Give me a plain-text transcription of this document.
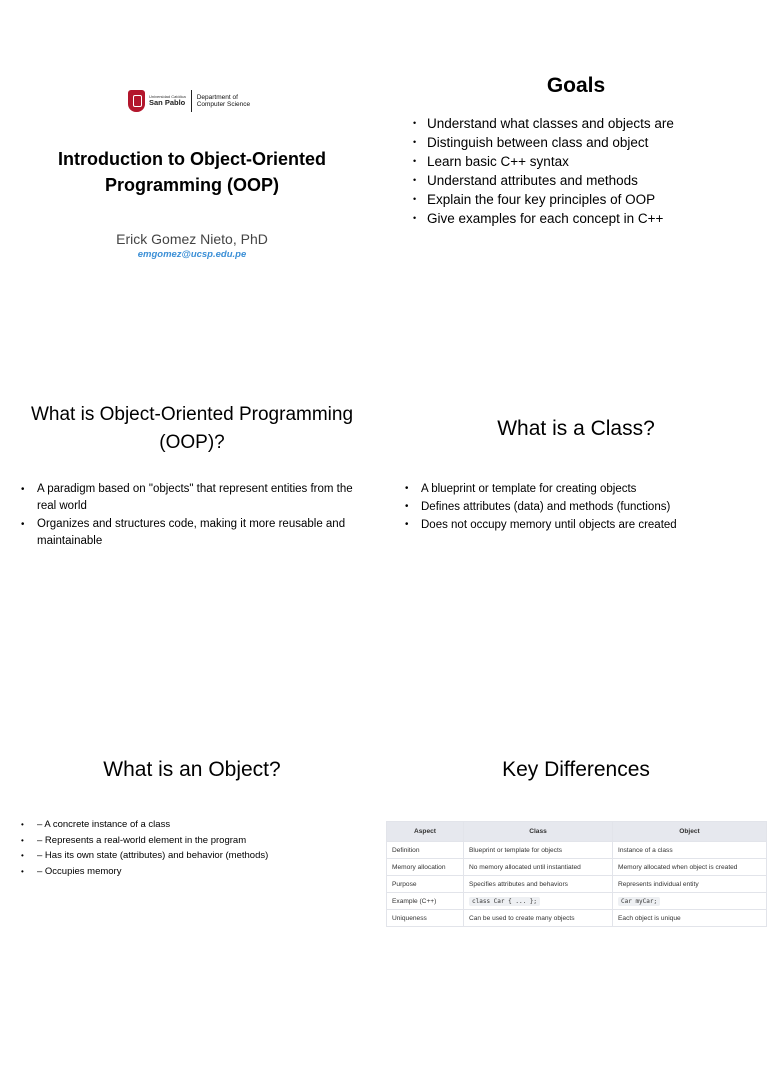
Universidad Católica
San Pablo
Department of
Computer Science
Introduction to Object-Oriented
Programming (OOP)
Erick Gomez Nieto, PhD
emgomez@ucsp.edu.pe
Goals
• Understand what classes and objects are
• Distinguish between class and object
• Learn basic C++ syntax
• Understand attributes and methods
• Explain the four key principles of OOP
• Give examples for each concept in C++
What is Object-Oriented Programming
(OOP)?
• A paradigm based on "objects" that represent entities from the real world
• Organizes and structures code, making it more reusable and maintainable
What is a Class?
• A blueprint or template for creating objects
• Defines attributes (data) and methods (functions)
• Does not occupy memory until objects are created
What is an Object?
• – A concrete instance of a class
• – Represents a real-world element in the program
• – Has its own state (attributes) and behavior (methods)
• – Occupies memory
Key Differences
Aspect	Class	Object
Definition	Blueprint or template for objects	Instance of a class
Memory allocation	No memory allocated until instantiated	Memory allocated when object is created
Purpose	Specifies attributes and behaviors	Represents individual entity
Example (C++)	class Car { ... };	Car myCar;
Uniqueness	Can be used to create many objects	Each object is unique
